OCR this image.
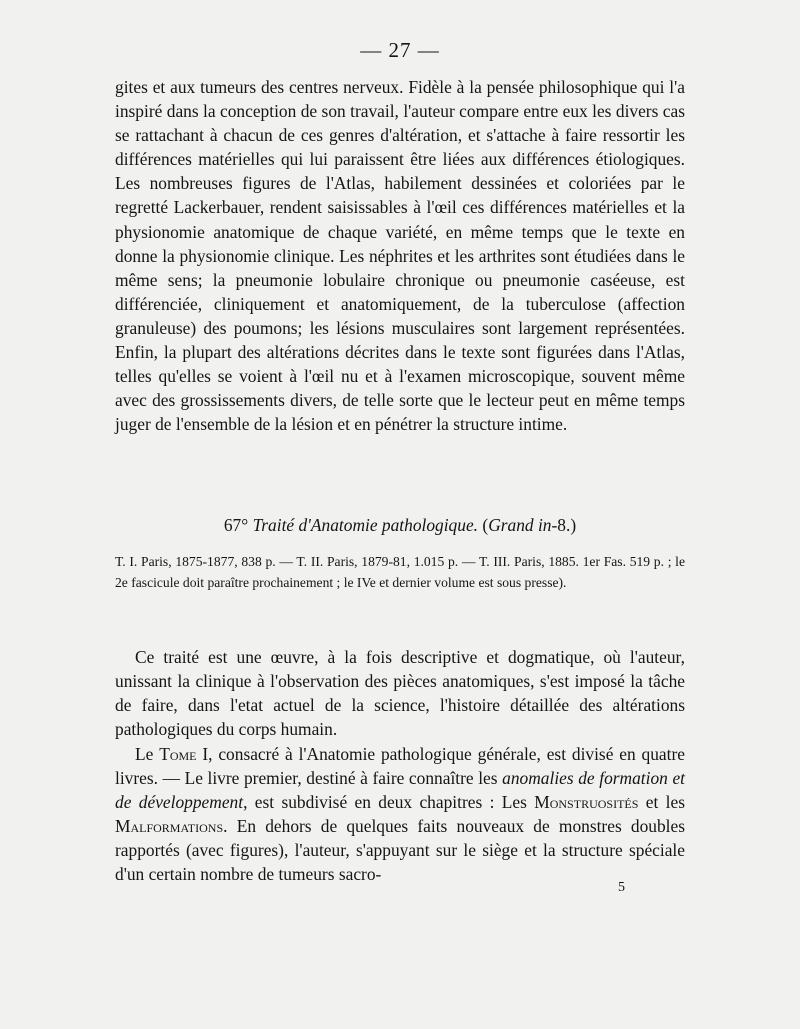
— 27 —

gites et aux tumeurs des centres nerveux. Fidèle à la pensée philosophique qui l'a inspiré dans la conception de son travail, l'auteur compare entre eux les divers cas se rattachant à chacun de ces genres d'altération, et s'attache à faire ressortir les différences matérielles qui lui paraissent être liées aux différences étiologiques. Les nombreuses figures de l'Atlas, habilement dessinées et coloriées par le regretté Lackerbauer, rendent saisissables à l'œil ces différences matérielles et la physionomie anatomique de chaque variété, en même temps que le texte en donne la physionomie clinique. Les néphrites et les arthrites sont étudiées dans le même sens; la pneumonie lobulaire chronique ou pneumonie caséeuse, est différenciée, cliniquement et anatomiquement, de la tuberculose (affection granuleuse) des poumons; les lésions musculaires sont largement représentées. Enfin, la plupart des altérations décrites dans le texte sont figurées dans l'Atlas, telles qu'elles se voient à l'œil nu et à l'examen microscopique, souvent même avec des grossissements divers, de telle sorte que le lecteur peut en même temps juger de l'ensemble de la lésion et en pénétrer la structure intime.

67° Traité d'Anatomie pathologique. (Grand in-8.)

T. I. Paris, 1875-1877, 838 p. — T. II. Paris, 1879-81, 1.015 p. — T. III. Paris, 1885. 1er Fas. 519 p. ; le 2e fascicule doit paraître prochainement ; le IVe et dernier volume est sous presse).

Ce traité est une œuvre, à la fois descriptive et dogmatique, où l'auteur, unissant la clinique à l'observation des pièces anatomiques, s'est imposé la tâche de faire, dans l'etat actuel de la science, l'histoire détaillée des altérations pathologiques du corps humain.

Le Tome I, consacré à l'Anatomie pathologique générale, est divisé en quatre livres. — Le livre premier, destiné à faire connaître les anomalies de formation et de développement, est subdivisé en deux chapitres : Les Monstruosités et les Malformations. En dehors de quelques faits nouveaux de monstres doubles rapportés (avec figures), l'auteur, s'appuyant sur le siège et la structure spéciale d'un certain nombre de tumeurs sacro-

5
